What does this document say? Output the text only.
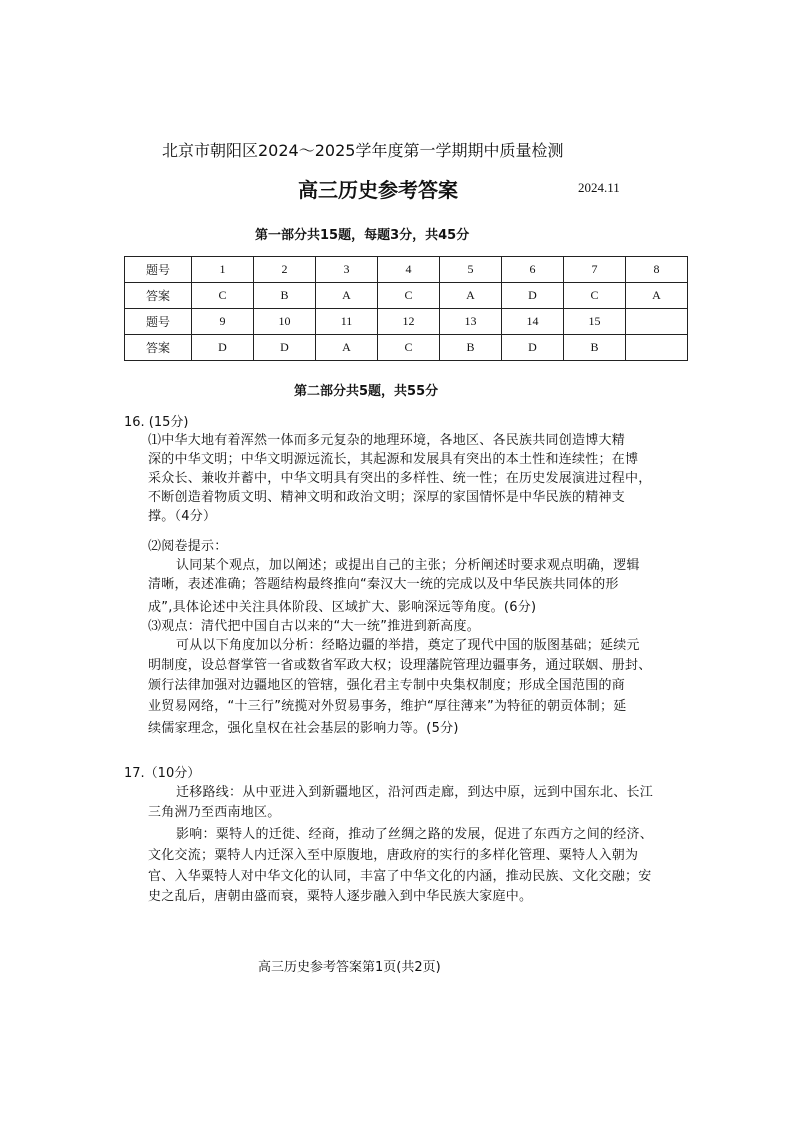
北京市朝阳区2024～2025学年度第一学期期中质量检测
高三历史参考答案	2024.11
第一部分共15题，每题3分，共45分
题号	1	2	3	4	5	6	7	8
答案	C	B	A	C	A	D	C	A
题号	9	10	11	12	13	14	15	
答案	D	D	A	C	B	D	B	
第二部分共5题，共55分
16. (15分)
⑴中华大地有着浑然一体而多元复杂的地理环境，各地区、各民族共同创造博大精
深的中华文明；中华文明源远流长，其起源和发展具有突出的本土性和连续性；在博
采众长、兼收并蓄中，中华文明具有突出的多样性、统一性；在历史发展演进过程中，
不断创造着物质文明、精神文明和政治文明；深厚的家国情怀是中华民族的精神支
撑。（4分）
⑵阅卷提示：
认同某个观点，加以阐述；或提出自己的主张；分析阐述时要求观点明确，逻辑
清晰，表述准确；答题结构最终推向“秦汉大一统的完成以及中华民族共同体的形
成”,具体论述中关注具体阶段、区域扩大、影响深远等角度。(6分)
⑶观点：清代把中国自古以来的“大一统”推进到新高度。
可从以下角度加以分析：经略边疆的举措，奠定了现代中国的版图基础；延续元
明制度，设总督掌管一省或数省军政大权；设理藩院管理边疆事务，通过联姻、册封、
颁行法律加强对边疆地区的管辖，强化君主专制中央集权制度；形成全国范围的商
业贸易网络，“十三行”统揽对外贸易事务，维护“厚往薄来”为特征的朝贡体制；延
续儒家理念，强化皇权在社会基层的影响力等。(5分)
17.（10分）
迁移路线：从中亚进入到新疆地区，沿河西走廊，到达中原，远到中国东北、长江
三角洲乃至西南地区。
影响：粟特人的迁徙、经商，推动了丝绸之路的发展，促进了东西方之间的经济、
文化交流；粟特人内迁深入至中原腹地，唐政府的实行的多样化管理、粟特人入朝为
官、入华粟特人对中华文化的认同，丰富了中华文化的内涵，推动民族、文化交融；安
史之乱后，唐朝由盛而衰，粟特人逐步融入到中华民族大家庭中。
高三历史参考答案第1页(共2页)
